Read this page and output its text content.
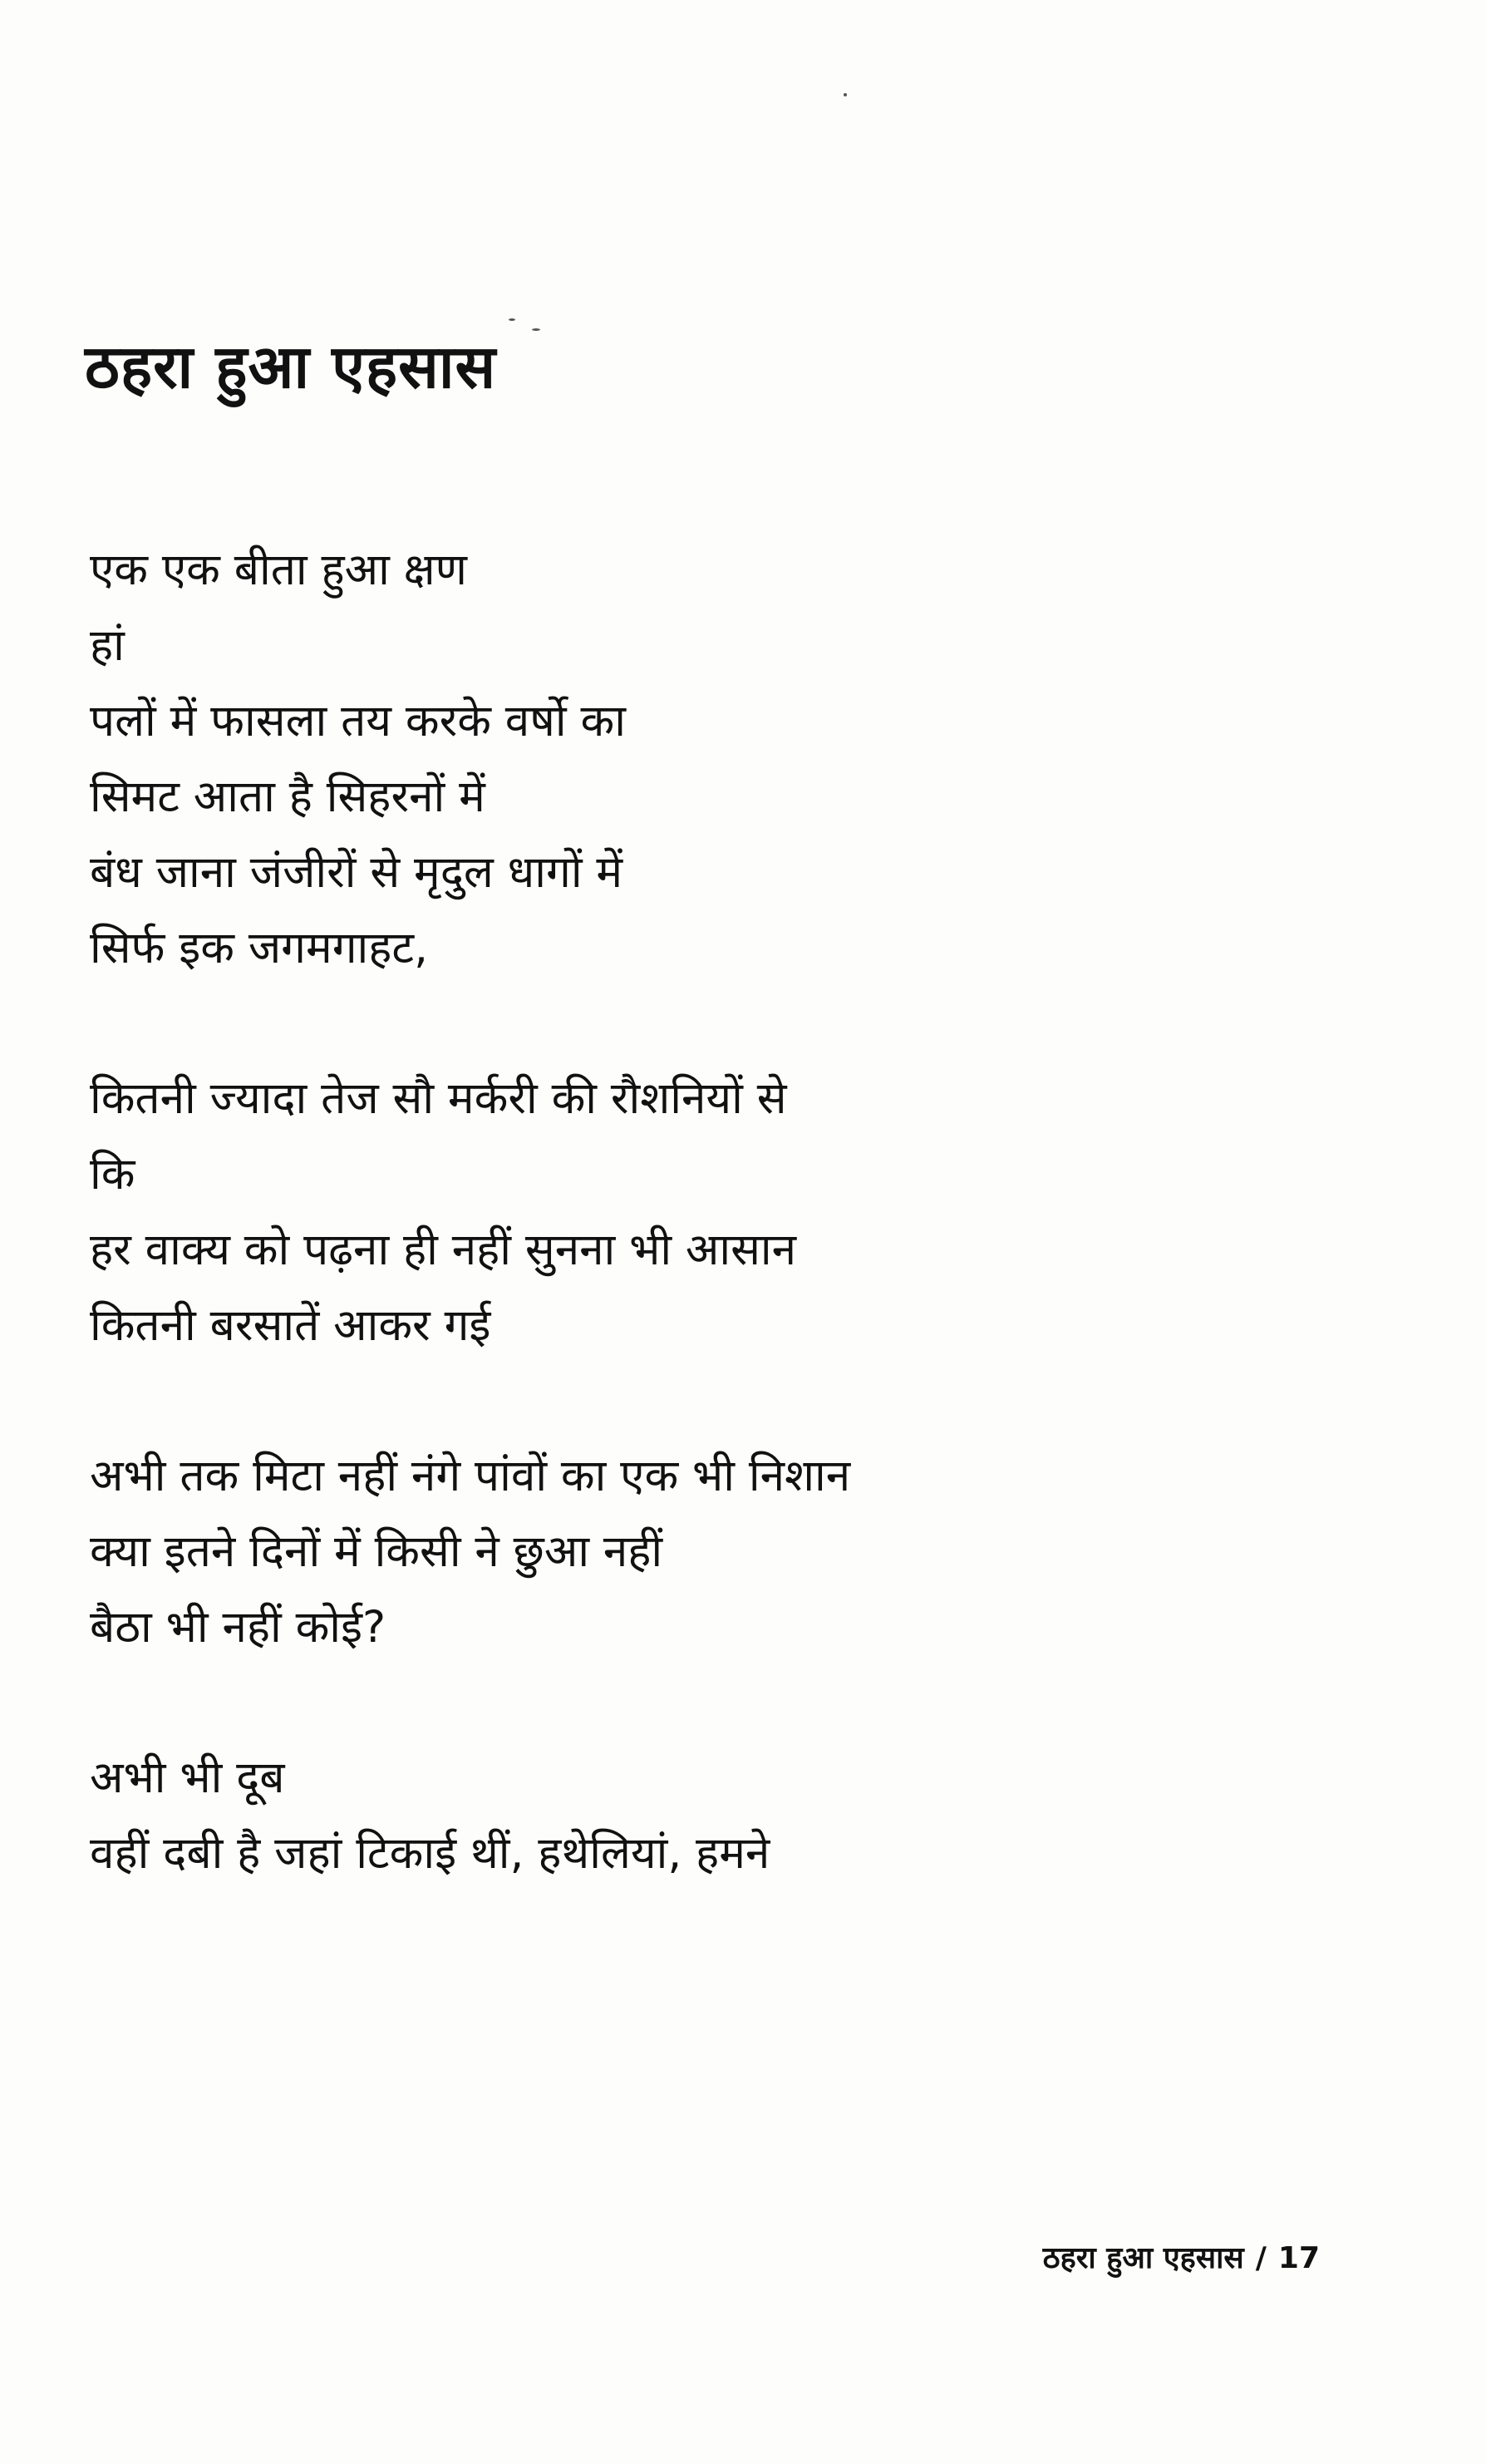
ठहरा हुआ एहसास
एक एक बीता हुआ क्षण
हां
पलों में फासला तय करके वर्षो का
सिमट आता है सिहरनों में
बंध जाना जंजीरों से मृदुल धागों में
सिर्फ इक जगमगाहट,
कितनी ज्यादा तेज सौ मर्करी की रौशनियों से
कि
हर वाक्य को पढ़ना ही नहीं सुनना भी आसान
कितनी बरसातें आकर गई
अभी तक मिटा नहीं नंगे पांवों का एक भी निशान
क्या इतने दिनों में किसी ने छुआ नहीं
बैठा भी नहीं कोई?
अभी भी दूब
वहीं दबी है जहां टिकाई थीं, हथेलियां, हमने
ठहरा हुआ एहसास / 17
